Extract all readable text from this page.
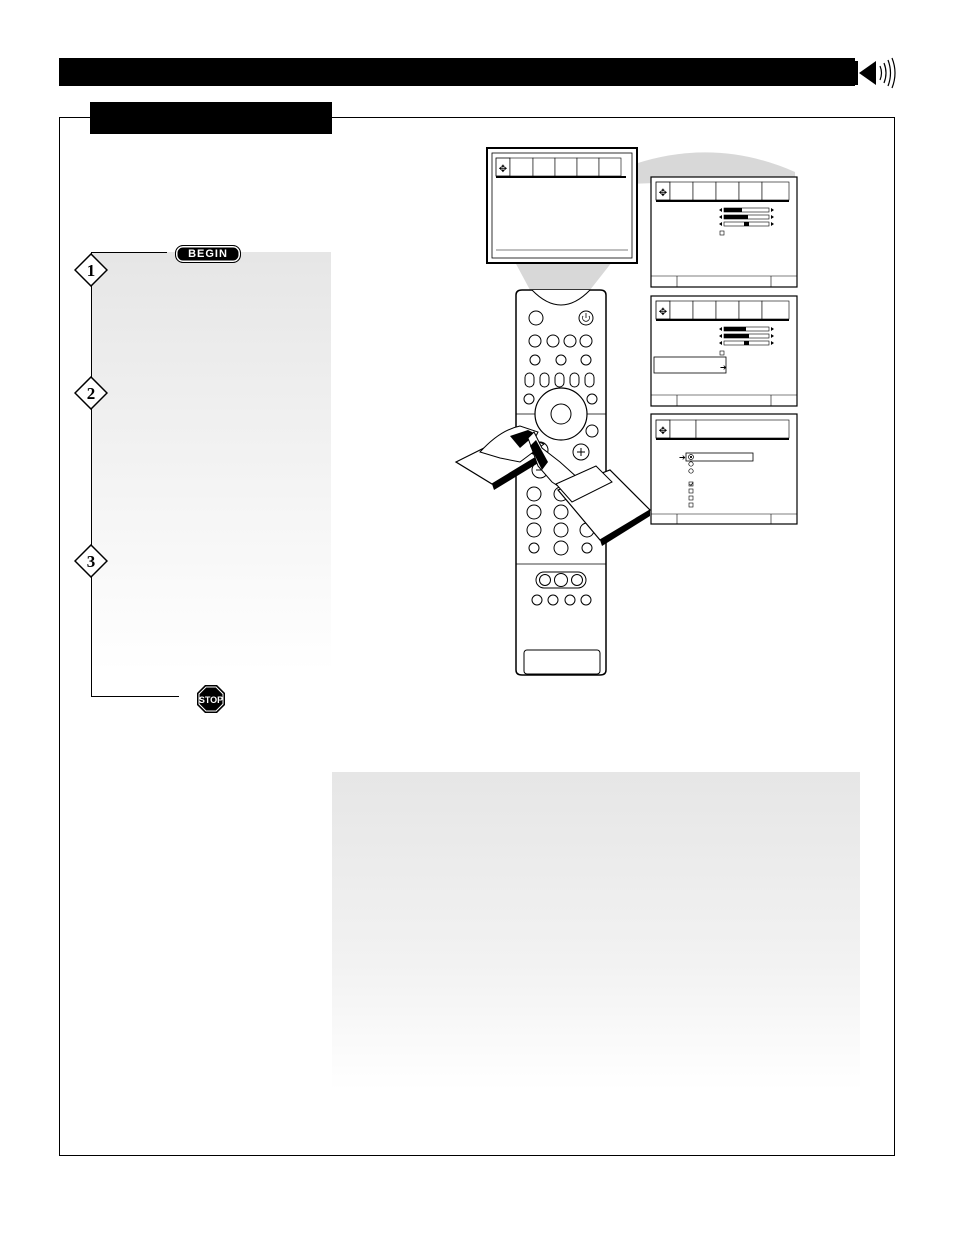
BEGIN
1
2
3
STOP
✥
✥
✥
➔
✥
➔
